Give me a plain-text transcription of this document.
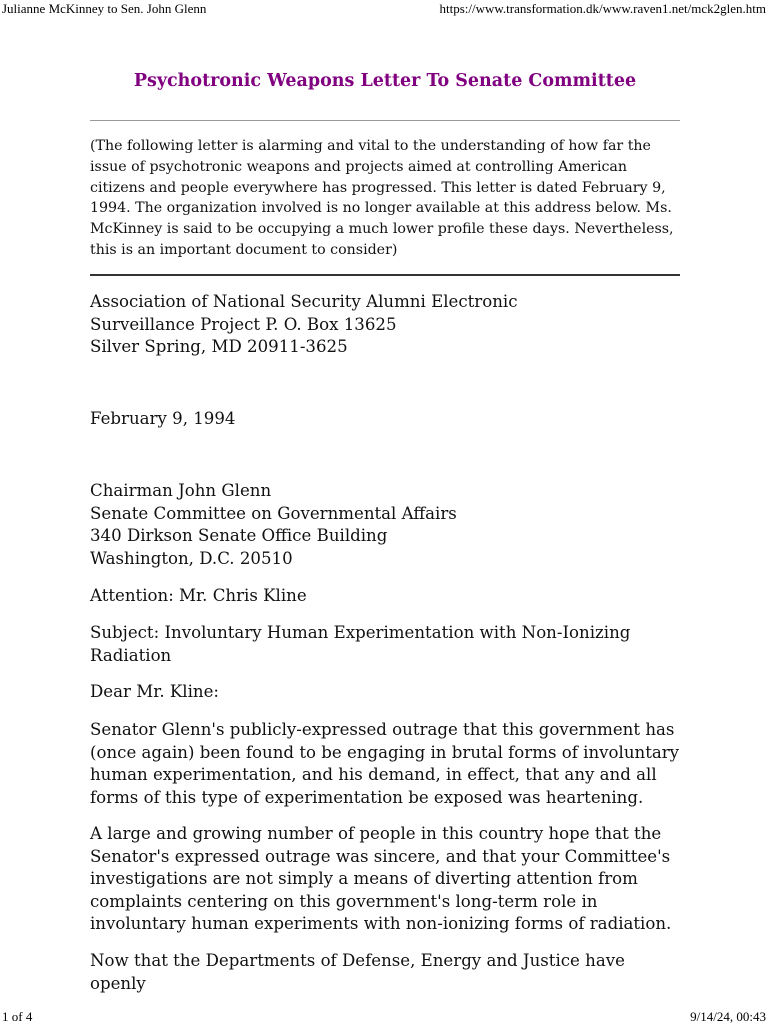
Julianne McKinney to Sen. John Glenn	https://www.transformation.dk/www.raven1.net/mck2glen.htm
Psychotronic Weapons Letter To Senate Committee

(The following letter is alarming and vital to the understanding of how far the issue of psychotronic weapons and projects aimed at controlling American citizens and people everywhere has progressed. This letter is dated February 9, 1994. The organization involved is no longer available at this address below. Ms. McKinney is said to be occupying a much lower profile these days. Nevertheless, this is an important document to consider)

Association of National Security Alumni Electronic
Surveillance Project P. O. Box 13625
Silver Spring, MD 20911-3625

February 9, 1994

Chairman John Glenn
Senate Committee on Governmental Affairs
340 Dirkson Senate Office Building
Washington, D.C. 20510

Attention: Mr. Chris Kline

Subject: Involuntary Human Experimentation with Non-Ionizing Radiation

Dear Mr. Kline:

Senator Glenn's publicly-expressed outrage that this government has (once again) been found to be engaging in brutal forms of involuntary human experimentation, and his demand, in effect, that any and all forms of this type of experimentation be exposed was heartening.

A large and growing number of people in this country hope that the Senator's expressed outrage was sincere, and that your Committee's investigations are not simply a means of diverting attention from complaints centering on this government's long-term role in involuntary human experiments with non-ionizing forms of radiation.

Now that the Departments of Defense, Energy and Justice have openly

1 of 4	9/14/24, 00:43
